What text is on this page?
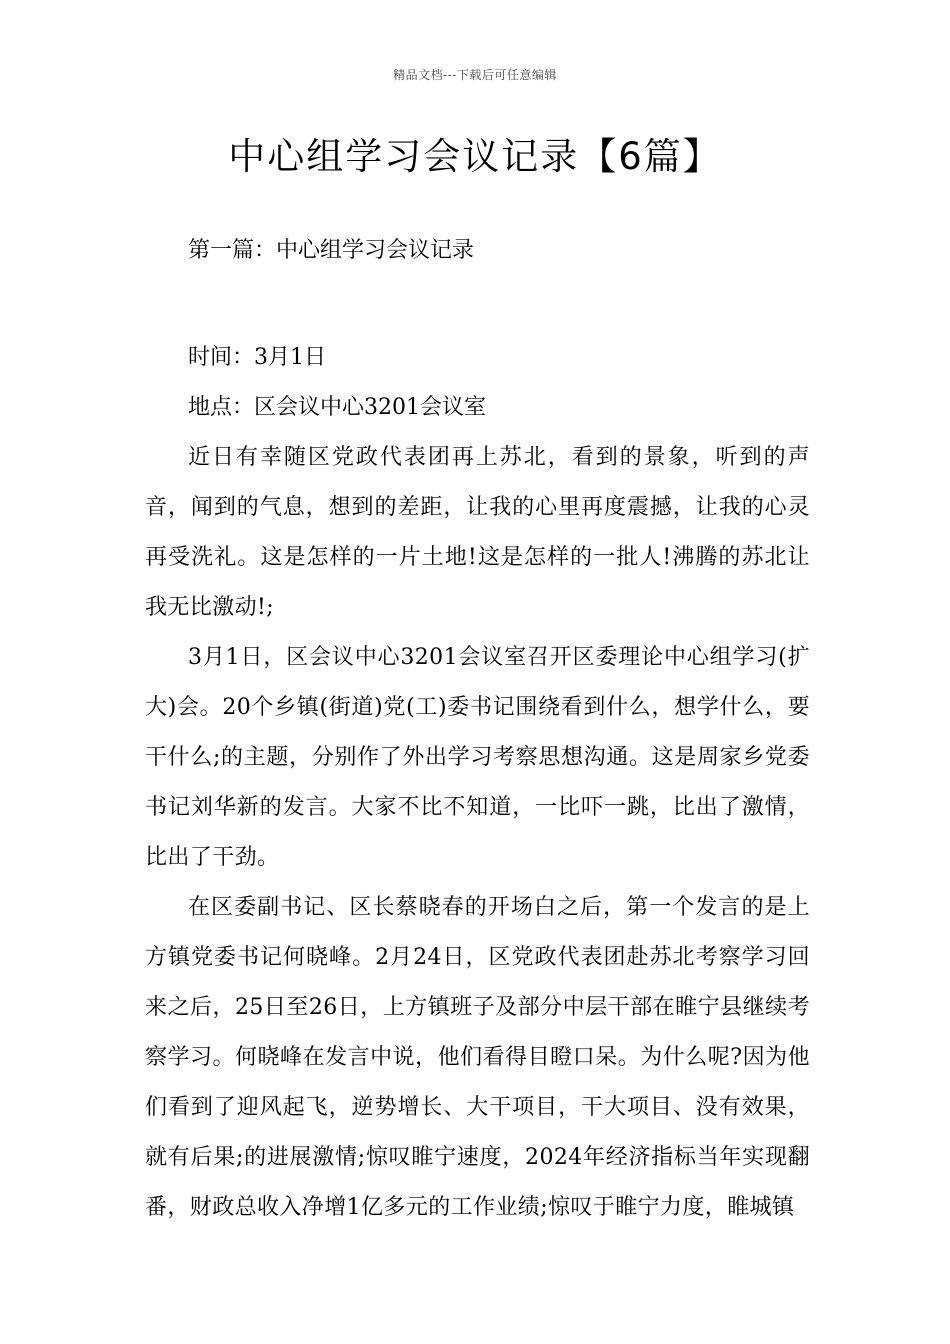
精品文档---下载后可任意编辑
中心组学习会议记录【6篇】
第一篇：中心组学习会议记录

时间：3月1日

地点：区会议中心3201会议室

近日有幸随区党政代表团再上苏北，看到的景象，听到的声音，闻到的气息，想到的差距，让我的心里再度震撼，让我的心灵再受洗礼。这是怎样的一片土地!这是怎样的一批人!沸腾的苏北让我无比激动!;

3月1日，区会议中心3201会议室召开区委理论中心组学习(扩大)会。20个乡镇(街道)党(工)委书记围绕看到什么，想学什么，要干什么;的主题，分别作了外出学习考察思想沟通。这是周家乡党委书记刘华新的发言。大家不比不知道，一比吓一跳，比出了激情，比出了干劲。

在区委副书记、区长蔡晓春的开场白之后，第一个发言的是上方镇党委书记何晓峰。2月24日，区党政代表团赴苏北考察学习回来之后，25日至26日，上方镇班子及部分中层干部在睢宁县继续考察学习。何晓峰在发言中说，他们看得目瞪口呆。为什么呢?因为他们看到了迎风起飞，逆势增长、大干项目，干大项目、没有效果，就有后果;的进展激情;惊叹睢宁速度，2024年经济指标当年实现翻番，财政总收入净增1亿多元的工作业绩;惊叹于睢宁力度，睢城镇
